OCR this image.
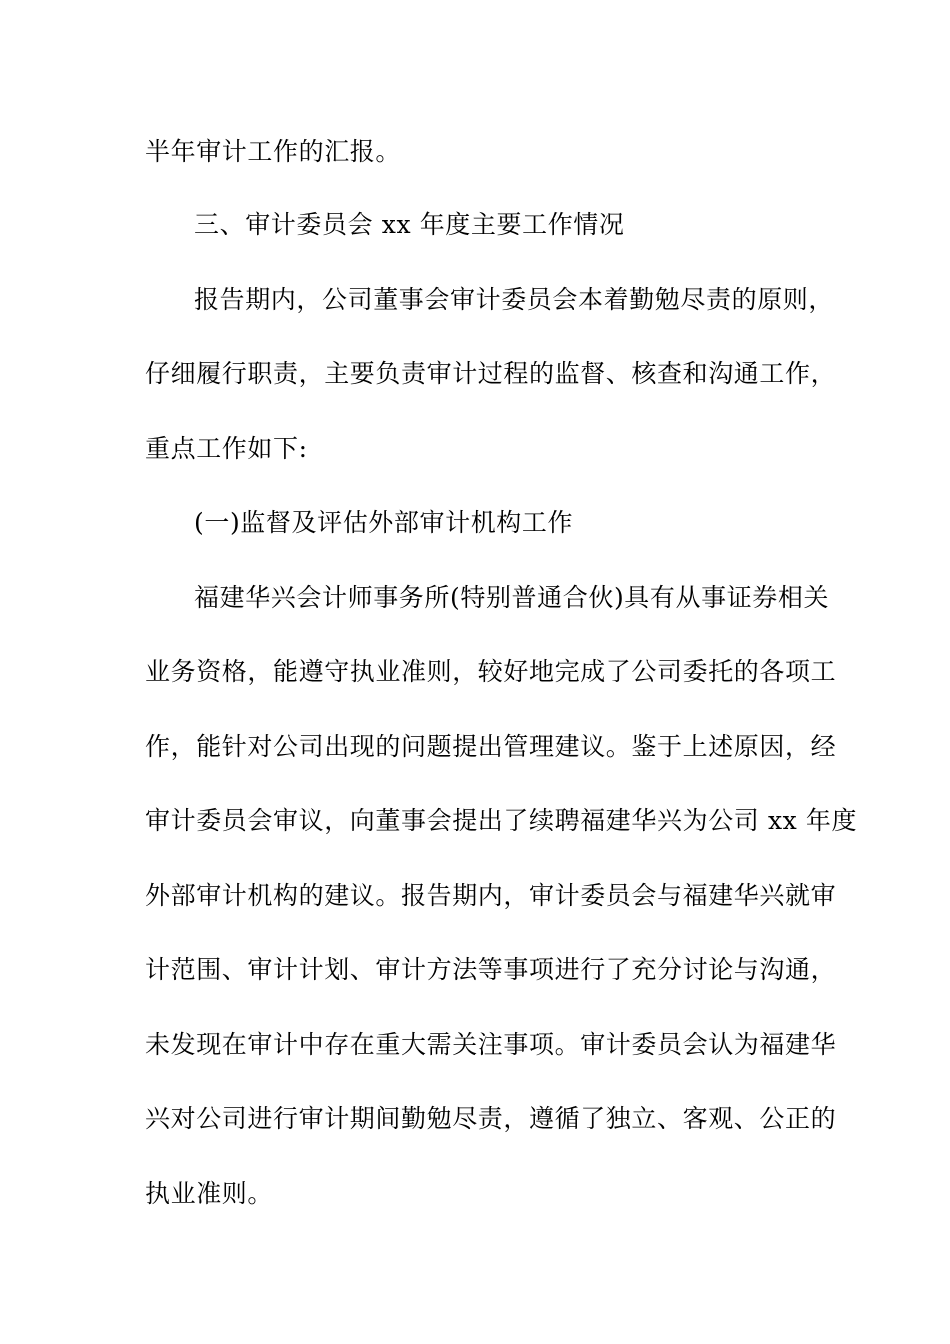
半年审计工作的汇报。
三、审计委员会 xx 年度主要工作情况
报告期内，公司董事会审计委员会本着勤勉尽责的原则，
仔细履行职责，主要负责审计过程的监督、核查和沟通工作，
重点工作如下:
(一)监督及评估外部审计机构工作
福建华兴会计师事务所(特别普通合伙)具有从事证券相关
业务资格，能遵守执业准则，较好地完成了公司委托的各项工
作，能针对公司出现的问题提出管理建议。鉴于上述原因，经
审计委员会审议，向董事会提出了续聘福建华兴为公司 xx 年度
外部审计机构的建议。报告期内，审计委员会与福建华兴就审
计范围、审计计划、审计方法等事项进行了充分讨论与沟通，
未发现在审计中存在重大需关注事项。审计委员会认为福建华
兴对公司进行审计期间勤勉尽责，遵循了独立、客观、公正的
执业准则。
